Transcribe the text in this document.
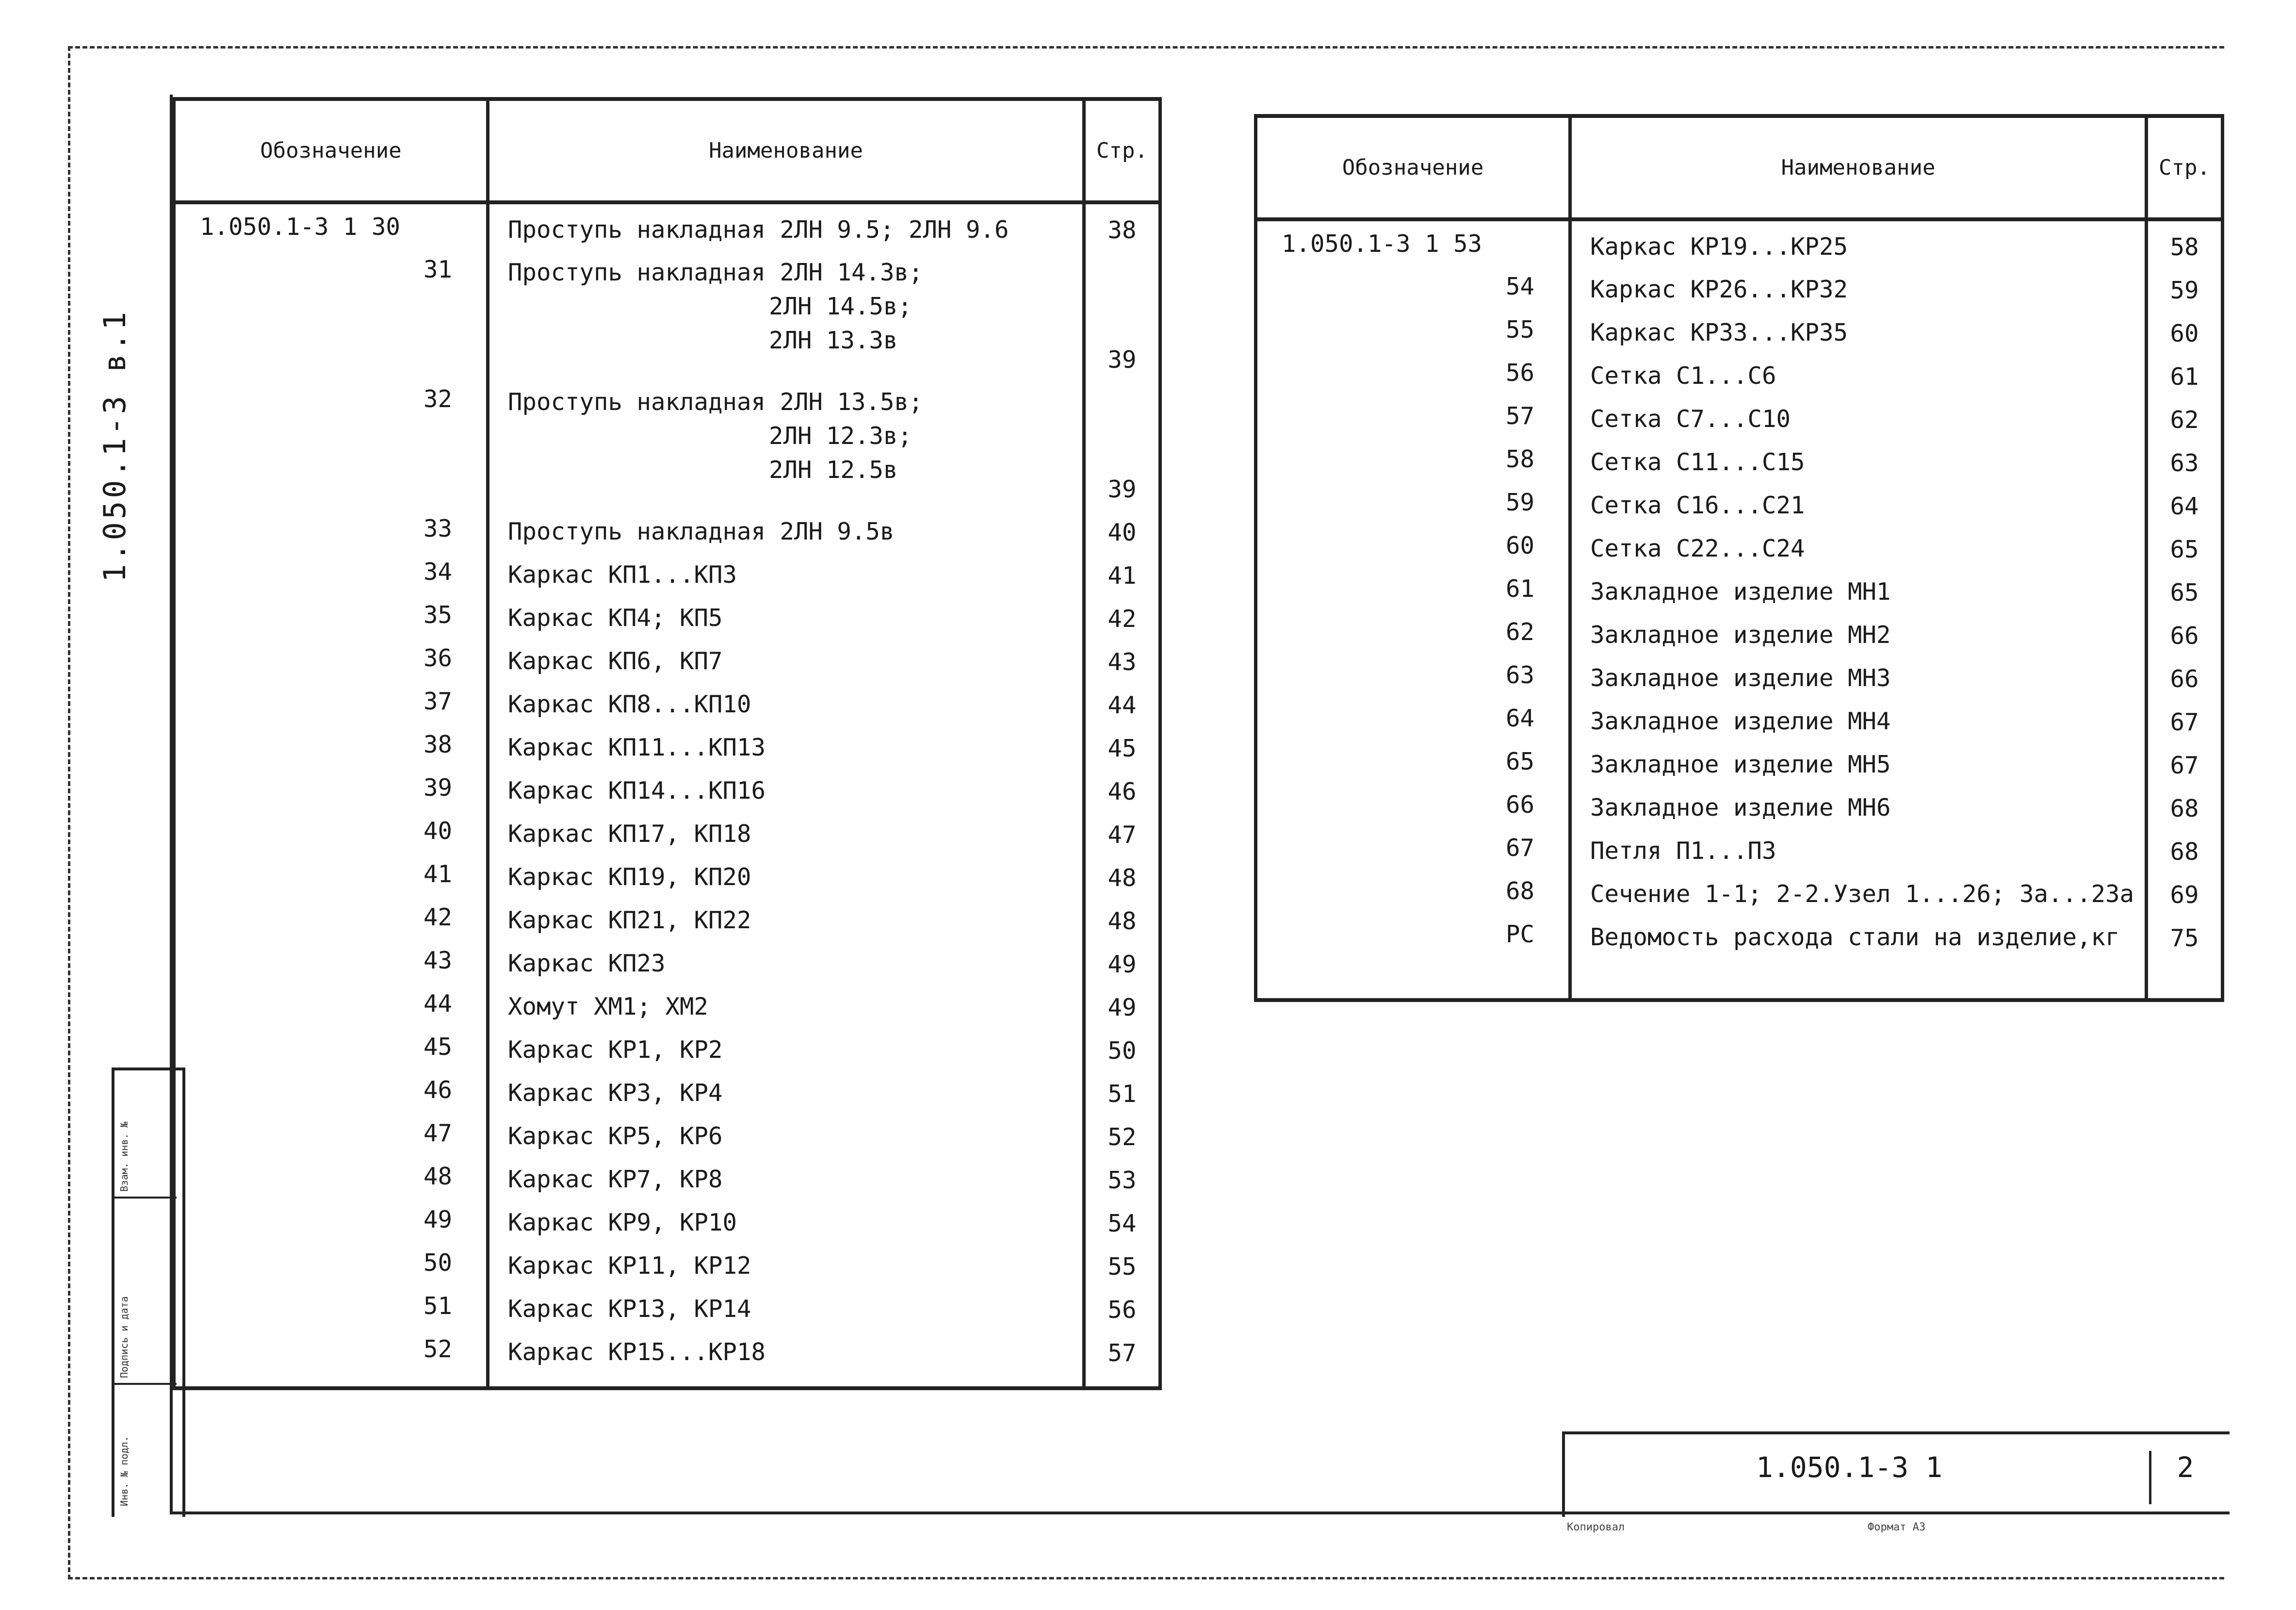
1.050.1-3 в.1
Взам. инв. №
Подпись и дата
Инв. № подл.
Обозначение	Наименование	Стр.
1.050.1-3 1 30	Проступь накладная 2ЛН 9.5; 2ЛН 9.6	38
31	Проступь накладная 2ЛН 14.3в;
2ЛН 14.5в;
2ЛН 13.3в	39
32	Проступь накладная 2ЛН 13.5в;
2ЛН 12.3в;
2ЛН 12.5в	39
33	Проступь накладная 2ЛН 9.5в	40
34	Каркас КП1...КП3	41
35	Каркас КП4; КП5	42
36	Каркас КП6, КП7	43
37	Каркас КП8...КП10	44
38	Каркас КП11...КП13	45
39	Каркас КП14...КП16	46
40	Каркас КП17, КП18	47
41	Каркас КП19, КП20	48
42	Каркас КП21, КП22	48
43	Каркас КП23	49
44	Хомут ХМ1; ХМ2	49
45	Каркас КР1, КР2	50
46	Каркас КР3, КР4	51
47	Каркас КР5, КР6	52
48	Каркас КР7, КР8	53
49	Каркас КР9, КР10	54
50	Каркас КР11, КР12	55
51	Каркас КР13, КР14	56
52	Каркас КР15...КР18	57

Обозначение	Наименование	Стр.
1.050.1-3 1 53	Каркас КР19...КР25	58
54	Каркас КР26...КР32	59
55	Каркас КР33...КР35	60
56	Сетка С1...С6	61
57	Сетка С7...С10	62
58	Сетка С11...С15	63
59	Сетка С16...С21	64
60	Сетка С22...С24	65
61	Закладное изделие МН1	65
62	Закладное изделие МН2	66
63	Закладное изделие МН3	66
64	Закладное изделие МН4	67
65	Закладное изделие МН5	67
66	Закладное изделие МН6	68
67	Петля П1...П3	68
68	Сечение 1-1; 2-2.Узел 1...26; 3а...23а	69
РС	Ведомость расхода стали на изделие,кг	75

1.050.1-3 1	2
Копировал	Формат А3
